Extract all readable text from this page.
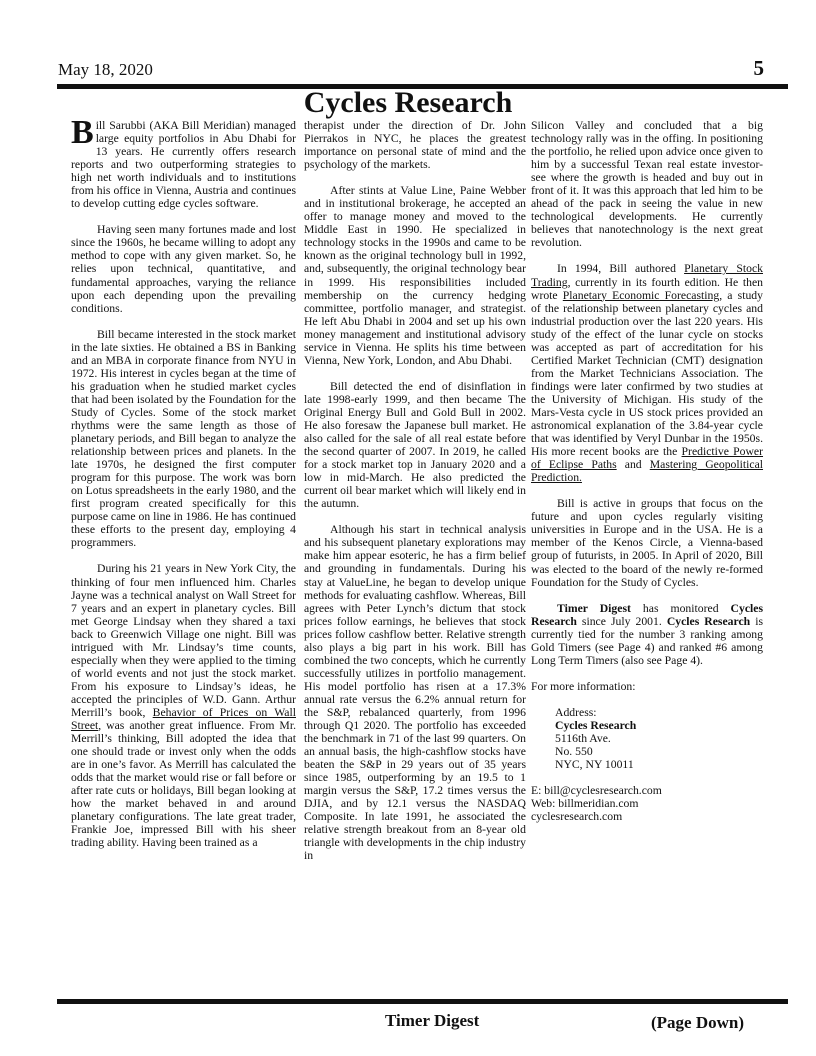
May 18, 2020	5
Cycles Research

Bill Sarubbi (AKA Bill Meridian) managed large equity portfolios in Abu Dhabi for 13 years. He currently offers research reports and two outperforming strategies to high net worth individuals and to institutions from his office in Vienna, Austria and continues to develop cutting edge cycles software.

Having seen many fortunes made and lost since the 1960s, he became willing to adopt any method to cope with any given market. So, he relies upon technical, quantitative, and fundamental approaches, varying the reliance upon each depending upon the prevailing conditions.

Bill became interested in the stock market in the late sixties. He obtained a BS in Banking and an MBA in corporate finance from NYU in 1972. His interest in cycles began at the time of his graduation when he studied market cycles that had been isolated by the Foundation for the Study of Cycles. Some of the stock market rhythms were the same length as those of planetary periods, and Bill began to analyze the relationship between prices and planets. In the late 1970s, he designed the first computer program for this purpose. The work was born on Lotus spreadsheets in the early 1980, and the first program created specifically for this purpose came on line in 1986. He has continued these efforts to the present day, employing 4 programmers.

During his 21 years in New York City, the thinking of four men influenced him. Charles Jayne was a technical analyst on Wall Street for 7 years and an expert in planetary cycles. Bill met George Lindsay when they shared a taxi back to Greenwich Village one night. Bill was intrigued with Mr. Lindsay’s time counts, especially when they were applied to the timing of world events and not just the stock market. From his exposure to Lindsay’s ideas, he accepted the principles of W.D. Gann. Arthur Merrill’s book, Behavior of Prices on Wall Street, was another great influence. From Mr. Merrill’s thinking, Bill adopted the idea that one should trade or invest only when the odds are in one’s favor. As Merrill has calculated the odds that the market would rise or fall before or after rate cuts or holidays, Bill began looking at how the market behaved in and around planetary configurations. The late great trader, Frankie Joe, impressed Bill with his sheer trading ability. Having been trained as a

therapist under the direction of Dr. John Pierrakos in NYC, he places the greatest importance on personal state of mind and the psychology of the markets.

After stints at Value Line, Paine Webber and in institutional brokerage, he accepted an offer to manage money and moved to the Middle East in 1990. He specialized in technology stocks in the 1990s and came to be known as the original technology bull in 1992, and, subsequently, the original technology bear in 1999. His responsibilities included membership on the currency hedging committee, portfolio manager, and strategist. He left Abu Dhabi in 2004 and set up his own money management and institutional advisory service in Vienna. He splits his time between Vienna, New York, London, and Abu Dhabi.

Bill detected the end of disinflation in late 1998-early 1999, and then became The Original Energy Bull and Gold Bull in 2002. He also foresaw the Japanese bull market. He also called for the sale of all real estate before the second quarter of 2007. In 2019, he called for a stock market top in January 2020 and a low in mid-March. He also predicted the current oil bear market which will likely end in the autumn.

Although his start in technical analysis and his subsequent planetary explorations may make him appear esoteric, he has a firm belief and grounding in fundamentals. During his stay at ValueLine, he began to develop unique methods for evaluating cashflow. Whereas, Bill agrees with Peter Lynch’s dictum that stock prices follow earnings, he believes that stock prices follow cashflow better. Relative strength also plays a big part in his work. Bill has combined the two concepts, which he currently successfully utilizes in portfolio management. His model portfolio has risen at a 17.3% annual rate versus the 6.2% annual return for the S&P, rebalanced quarterly, from 1996 through Q1 2020. The portfolio has exceeded the benchmark in 71 of the last 99 quarters. On an annual basis, the high-cashflow stocks have beaten the S&P in 29 years out of 35 years since 1985, outperforming by an 19.5 to 1 margin versus the S&P, 17.2 times versus the DJIA, and by 12.1 versus the NASDAQ Composite. In late 1991, he associated the relative strength breakout from an 8-year old triangle with developments in the chip industry in

Silicon Valley and concluded that a big technology rally was in the offing. In positioning the portfolio, he relied upon advice once given to him by a successful Texan real estate investor- see where the growth is headed and buy out in front of it. It was this approach that led him to be ahead of the pack in seeing the value in new technological developments. He currently believes that nanotechnology is the next great revolution.

In 1994, Bill authored Planetary Stock Trading, currently in its fourth edition. He then wrote Planetary Economic Forecasting, a study of the relationship between planetary cycles and industrial production over the last 220 years. His study of the effect of the lunar cycle on stocks was accepted as part of accreditation for his Certified Market Technician (CMT) designation from the Market Technicians Association. The findings were later confirmed by two studies at the University of Michigan. His study of the Mars-Vesta cycle in US stock prices provided an astronomical explanation of the 3.84-year cycle that was identified by Veryl Dunbar in the 1950s. His more recent books are the Predictive Power of Eclipse Paths and Mastering Geopolitical Prediction.

Bill is active in groups that focus on the future and upon cycles regularly visiting universities in Europe and in the USA. He is a member of the Kenos Circle, a Vienna-based group of futurists, in 2005. In April of 2020, Bill was elected to the board of the newly re-formed Foundation for the Study of Cycles.

Timer Digest has monitored Cycles Research since July 2001. Cycles Research is currently tied for the number 3 ranking among Gold Timers (see Page 4) and ranked #6 among Long Term Timers (also see Page 4).

For more information:

Address:
Cycles Research
5116th Ave.
No. 550
NYC, NY 10011
E: bill@cyclesresearch.com
Web: billmeridian.com
cyclesresearch.com
Timer Digest	(Page Down)
